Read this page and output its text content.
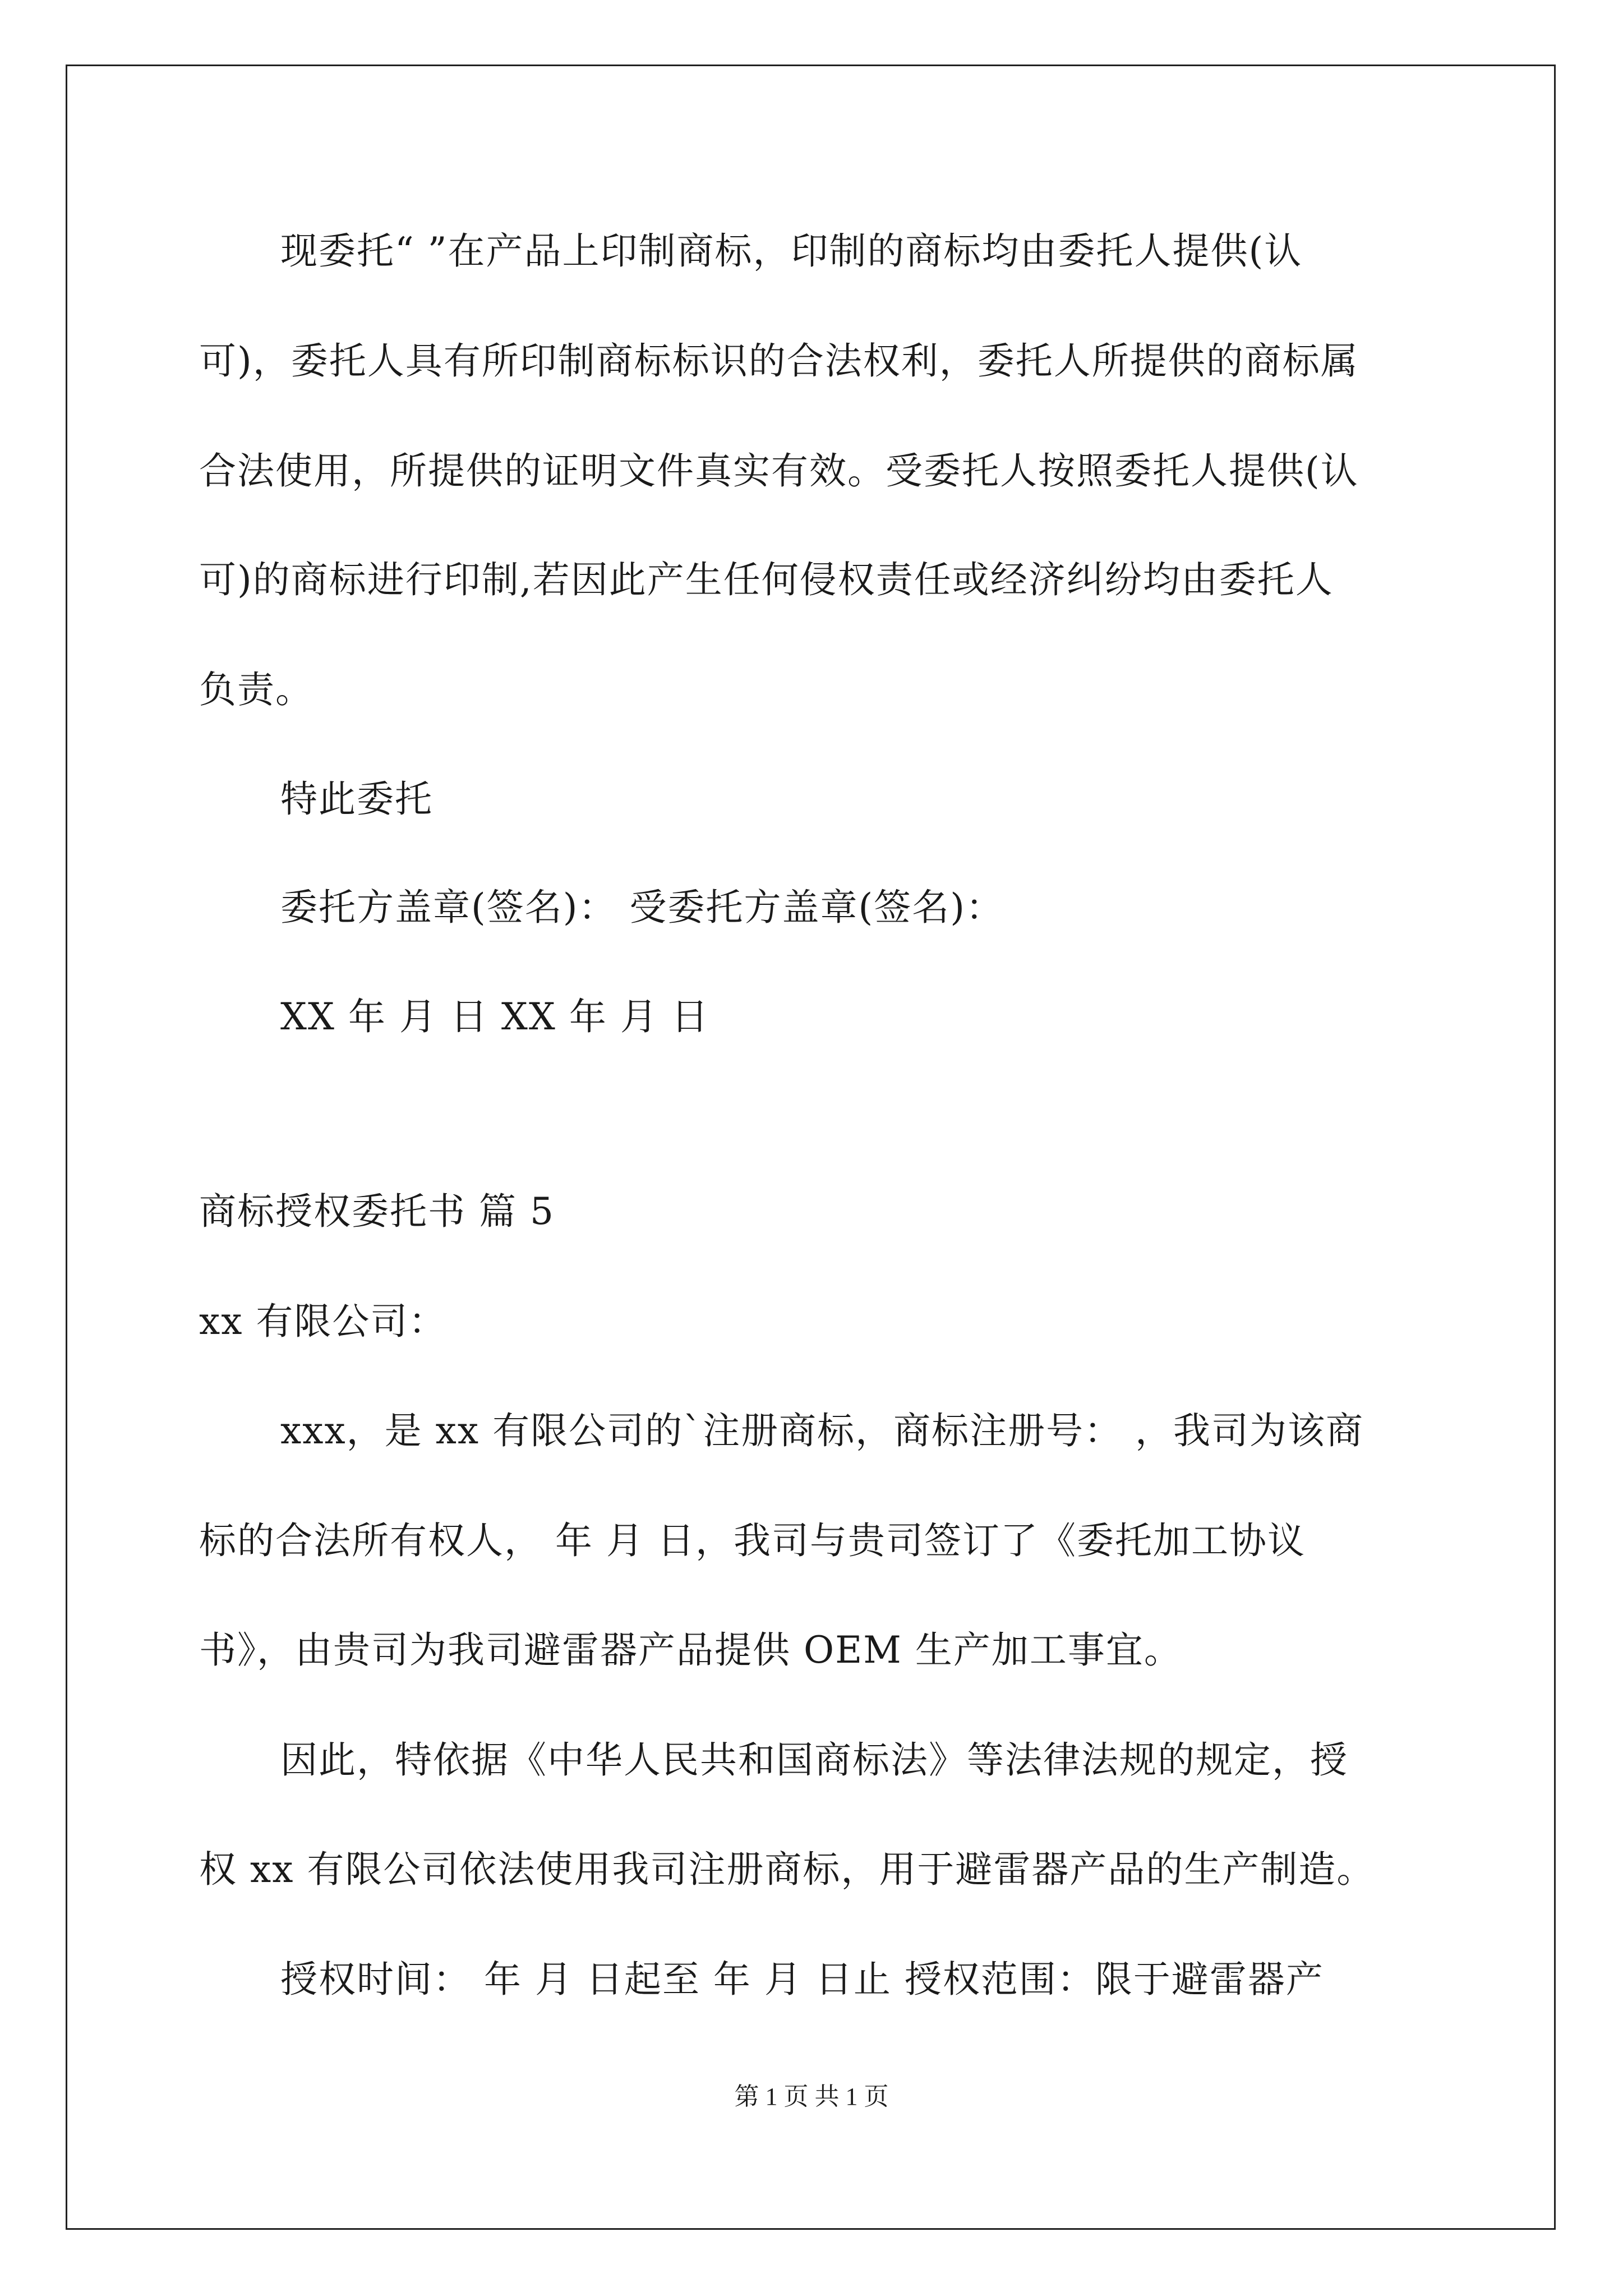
现委托“ ”在产品上印制商标，印制的商标均由委托人提供(认
可)，委托人具有所印制商标标识的合法权利，委托人所提供的商标属
合法使用，所提供的证明文件真实有效。受委托人按照委托人提供(认
可)的商标进行印制,若因此产生任何侵权责任或经济纠纷均由委托人
负责。
特此委托
委托方盖章(签名)： 受委托方盖章(签名)：
XX 年 月 日 XX 年 月 日
商标授权委托书 篇 5
xx 有限公司：
xxx，是 xx 有限公司的`注册商标，商标注册号： ，我司为该商
标的合法所有权人， 年 月 日，我司与贵司签订了《委托加工协议
书》，由贵司为我司避雷器产品提供 OEM 生产加工事宜。
因此，特依据《中华人民共和国商标法》等法律法规的规定，授
权 xx 有限公司依法使用我司注册商标，用于避雷器产品的生产制造。
授权时间： 年 月 日起至 年 月 日止 授权范围：限于避雷器产
第 1 页 共 1 页
